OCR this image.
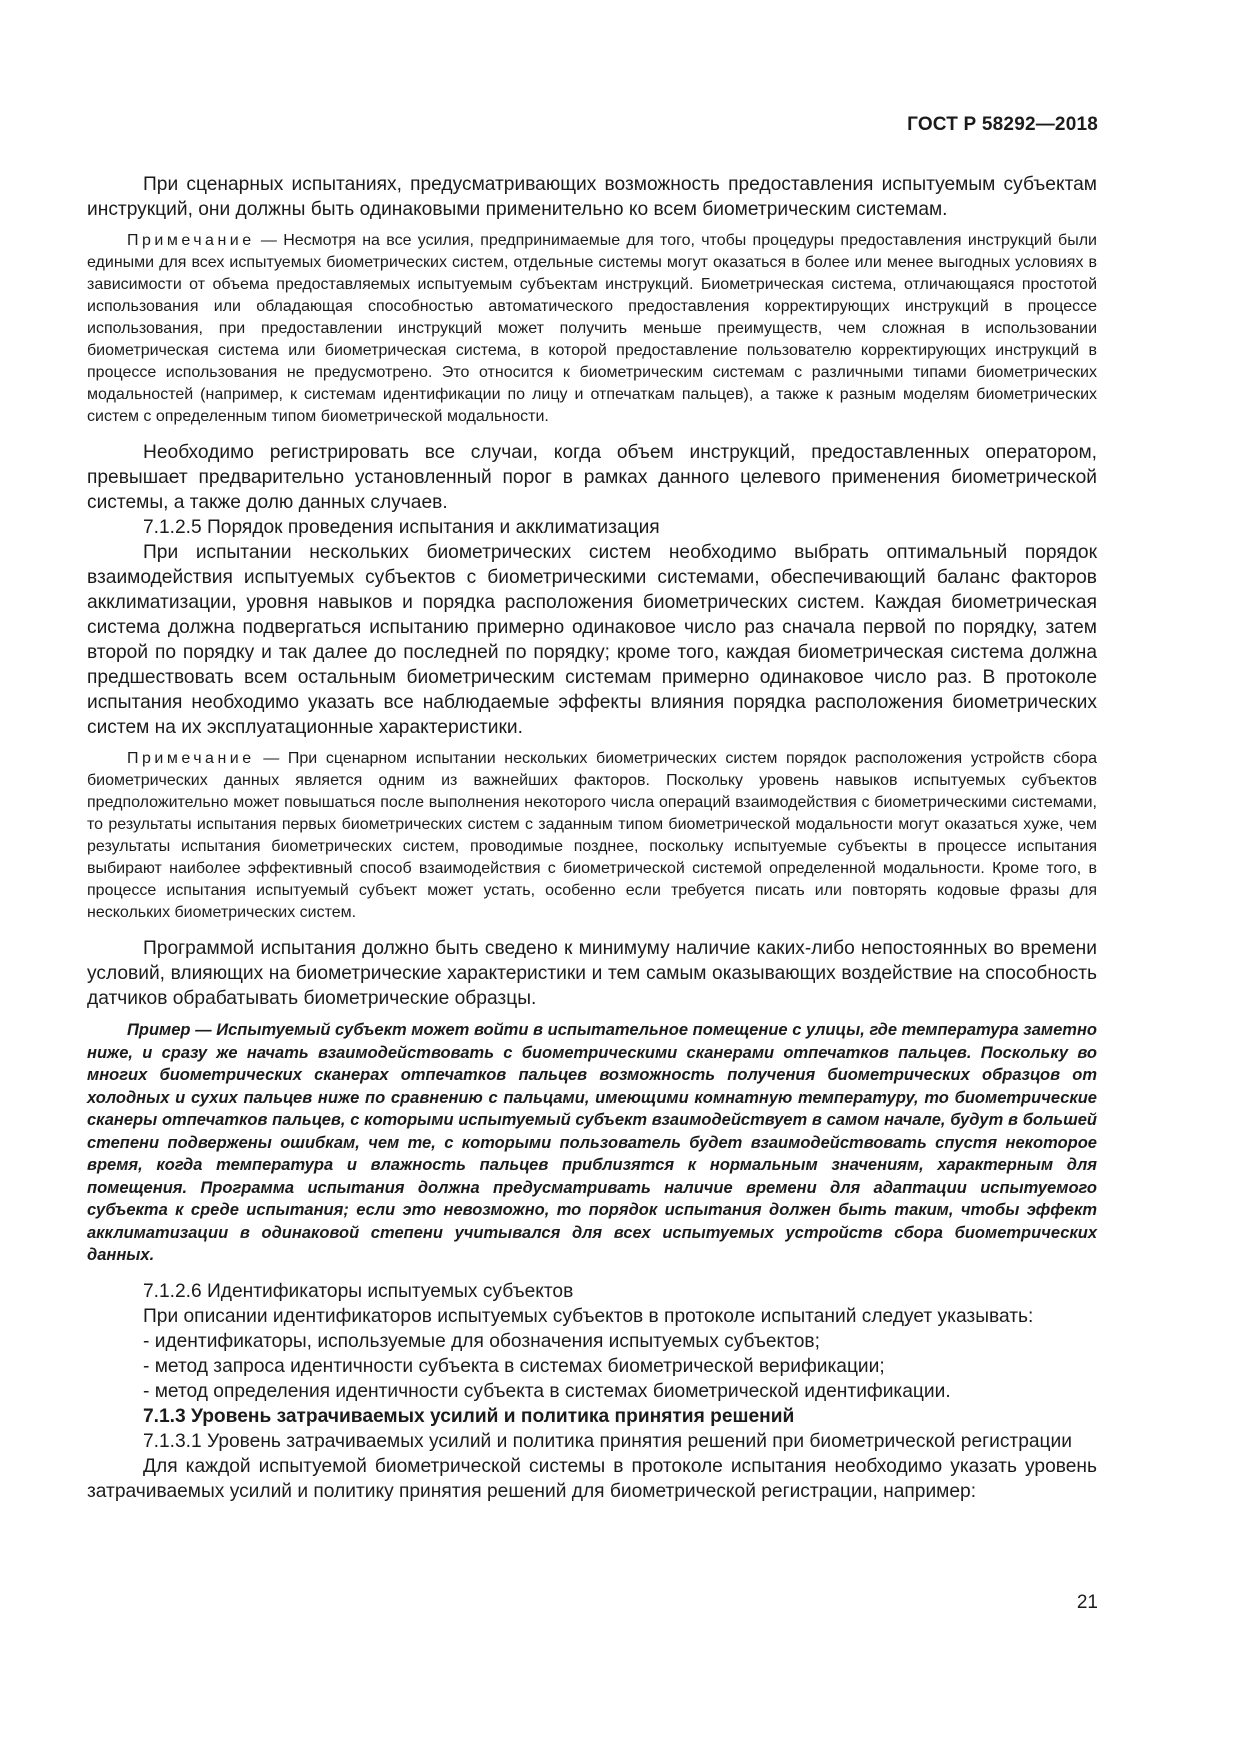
ГОСТ Р 58292—2018

При сценарных испытаниях, предусматривающих возможность предоставления испытуемым субъектам инструкций, они должны быть одинаковыми применительно ко всем биометрическим системам.

Примечание — Несмотря на все усилия, предпринимаемые для того, чтобы процедуры предоставления инструкций были едиными для всех испытуемых биометрических систем, отдельные системы могут оказаться в более или менее выгодных условиях в зависимости от объема предоставляемых испытуемым субъектам инструкций. Биометрическая система, отличающаяся простотой использования или обладающая способностью автоматического предоставления корректирующих инструкций в процессе использования, при предоставлении инструкций может получить меньше преимуществ, чем сложная в использовании биометрическая система или биометрическая система, в которой предоставление пользователю корректирующих инструкций в процессе использования не предусмотрено. Это относится к биометрическим системам с различными типами биометрических модальностей (например, к системам идентификации по лицу и отпечаткам пальцев), а также к разным моделям биометрических систем с определенным типом биометрической модальности.

Необходимо регистрировать все случаи, когда объем инструкций, предоставленных оператором, превышает предварительно установленный порог в рамках данного целевого применения биометрической системы, а также долю данных случаев.

7.1.2.5 Порядок проведения испытания и акклиматизация

При испытании нескольких биометрических систем необходимо выбрать оптимальный порядок взаимодействия испытуемых субъектов с биометрическими системами, обеспечивающий баланс факторов акклиматизации, уровня навыков и порядка расположения биометрических систем. Каждая биометрическая система должна подвергаться испытанию примерно одинаковое число раз сначала первой по порядку, затем второй по порядку и так далее до последней по порядку; кроме того, каждая биометрическая система должна предшествовать всем остальным биометрическим системам примерно одинаковое число раз. В протоколе испытания необходимо указать все наблюдаемые эффекты влияния порядка расположения биометрических систем на их эксплуатационные характеристики.

Примечание — При сценарном испытании нескольких биометрических систем порядок расположения устройств сбора биометрических данных является одним из важнейших факторов. Поскольку уровень навыков испытуемых субъектов предположительно может повышаться после выполнения некоторого числа операций взаимодействия с биометрическими системами, то результаты испытания первых биометрических систем с заданным типом биометрической модальности могут оказаться хуже, чем результаты испытания биометрических систем, проводимые позднее, поскольку испытуемые субъекты в процессе испытания выбирают наиболее эффективный способ взаимодействия с биометрической системой определенной модальности. Кроме того, в процессе испытания испытуемый субъект может устать, особенно если требуется писать или повторять кодовые фразы для нескольких биометрических систем.

Программой испытания должно быть сведено к минимуму наличие каких-либо непостоянных во времени условий, влияющих на биометрические характеристики и тем самым оказывающих воздействие на способность датчиков обрабатывать биометрические образцы.

Пример — Испытуемый субъект может войти в испытательное помещение с улицы, где температура заметно ниже, и сразу же начать взаимодействовать с биометрическими сканерами отпечатков пальцев. Поскольку во многих биометрических сканерах отпечатков пальцев возможность получения биометрических образцов от холодных и сухих пальцев ниже по сравнению с пальцами, имеющими комнатную температуру, то биометрические сканеры отпечатков пальцев, с которыми испытуемый субъект взаимодействует в самом начале, будут в большей степени подвержены ошибкам, чем те, с которыми пользователь будет взаимодействовать спустя некоторое время, когда температура и влажность пальцев приблизятся к нормальным значениям, характерным для помещения. Программа испытания должна предусматривать наличие времени для адаптации испытуемого субъекта к среде испытания; если это невозможно, то порядок испытания должен быть таким, чтобы эффект акклиматизации в одинаковой степени учитывался для всех испытуемых устройств сбора биометрических данных.

7.1.2.6 Идентификаторы испытуемых субъектов

При описании идентификаторов испытуемых субъектов в протоколе испытаний следует указывать:

- идентификаторы, используемые для обозначения испытуемых субъектов;

- метод запроса идентичности субъекта в системах биометрической верификации;

- метод определения идентичности субъекта в системах биометрической идентификации.

7.1.3 Уровень затрачиваемых усилий и политика принятия решений

7.1.3.1 Уровень затрачиваемых усилий и политика принятия решений при биометрической регистрации

Для каждой испытуемой биометрической системы в протоколе испытания необходимо указать уровень затрачиваемых усилий и политику принятия решений для биометрической регистрации, например:

21
